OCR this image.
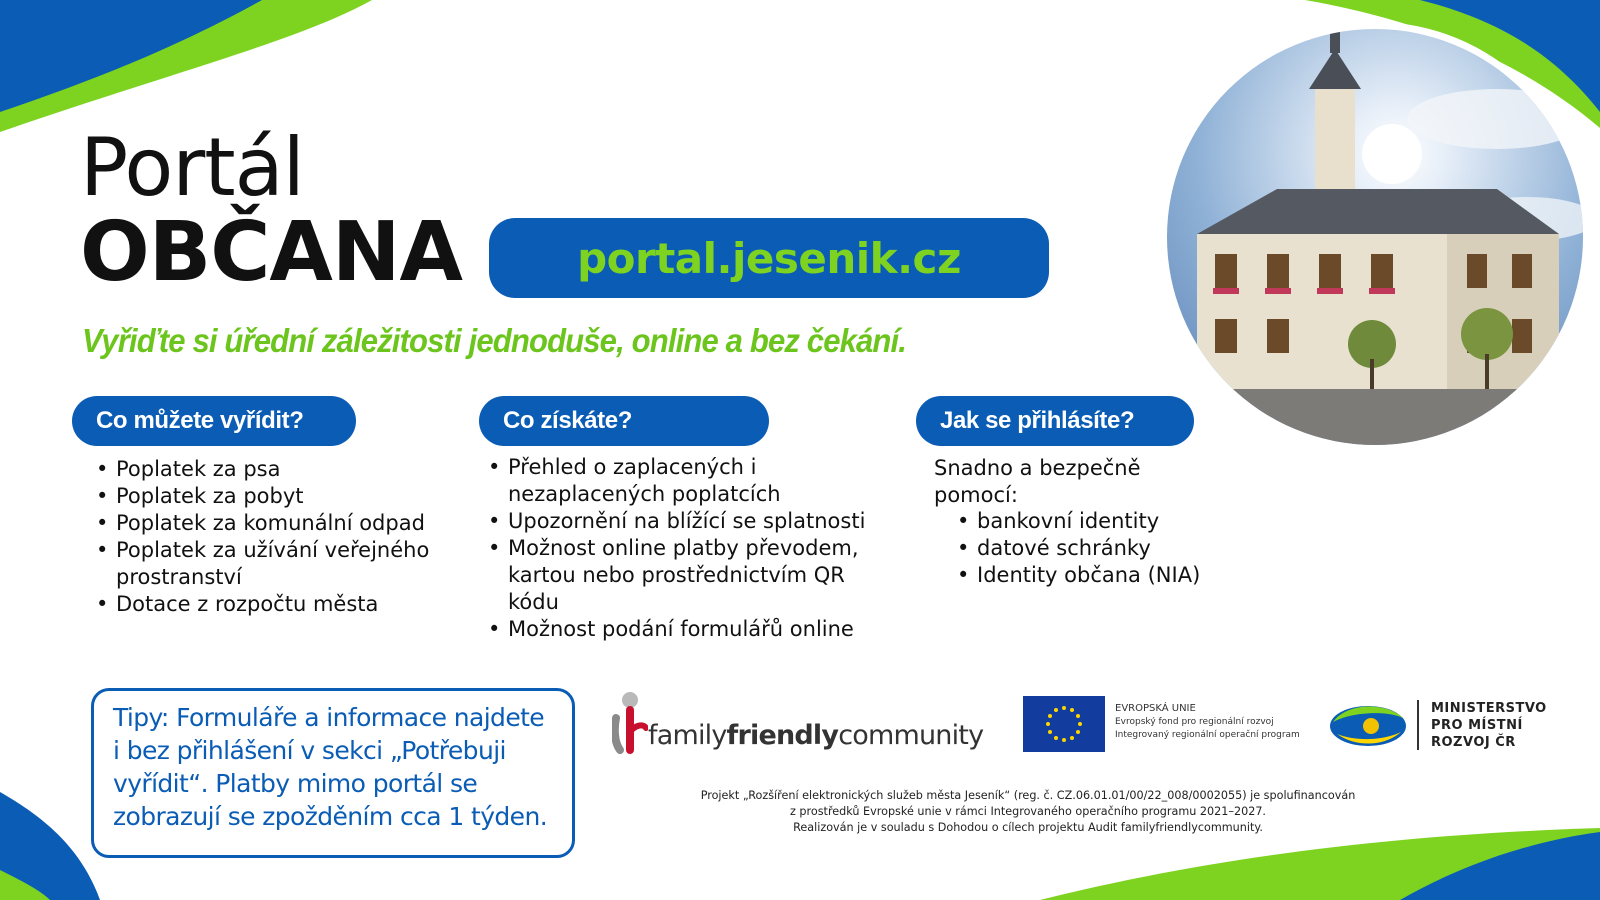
Portál
OBČANA	portal.jesenik.cz
Vyřiďte si úřední záležitosti jednoduše, online a bez čekání.
Co můžete vyřídit?
• Poplatek za psa
• Poplatek za pobyt
• Poplatek za komunální odpad
• Poplatek za užívání veřejného prostranství
• Dotace z rozpočtu města
Co získáte?
• Přehled o zaplacených i nezaplacených poplatcích
• Upozornění na blížící se splatnosti
• Možnost online platby převodem, kartou nebo prostřednictvím QR kódu
• Možnost podání formulářů online
Jak se přihlásíte?
Snadno a bezpečně pomocí:
• bankovní identity
• datové schránky
• Identity občana (NIA)

Tipy: Formuláře a informace najdete i bez přihlášení v sekci „Potřebuji vyřídit“. Platby mimo portál se zobrazují se zpožděním cca 1 týden.

familyfriendlycommunity
EVROPSKÁ UNIE
Evropský fond pro regionální rozvoj
Integrovaný regionální operační program
MINISTERSTVO
PRO MÍSTNÍ
ROZVOJ ČR
Projekt „Rozšíření elektronických služeb města Jeseník“ (reg. č. CZ.06.01.01/00/22_008/0002055) je spolufinancován
z prostředků Evropské unie v rámci Integrovaného operačního programu 2021–2027.
Realizován je v souladu s Dohodou o cílech projektu Audit familyfriendlycommunity.
